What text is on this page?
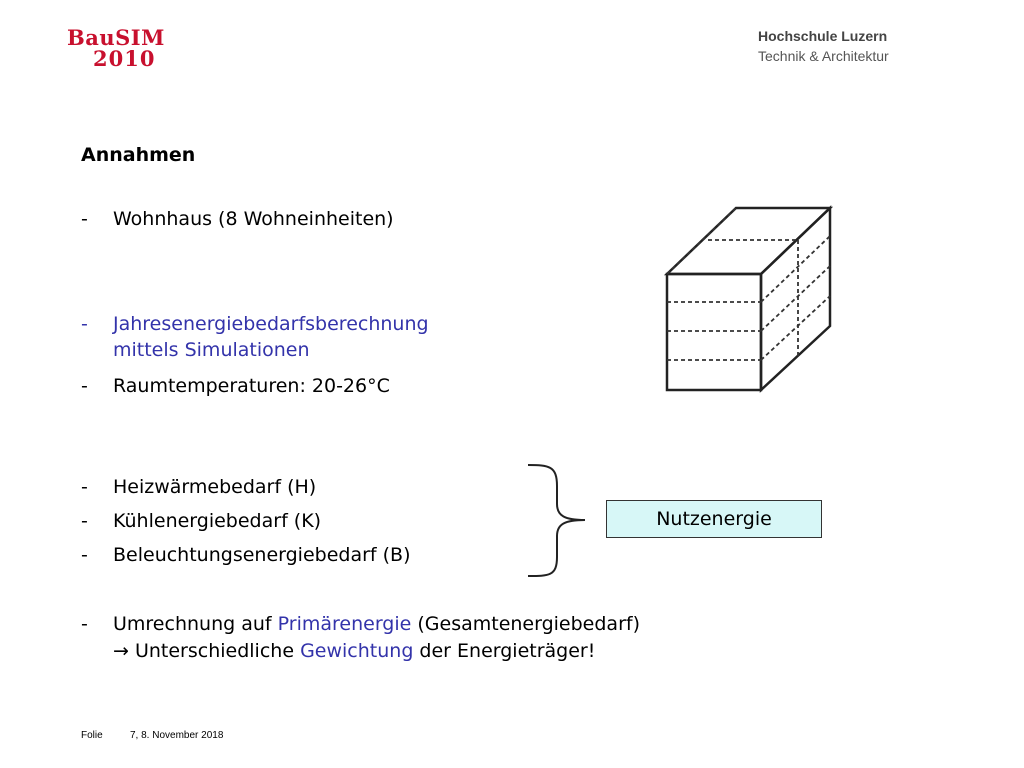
BauSIM
2010
Hochschule Luzern
Technik & Architektur
Annahmen
- Wohnhaus (8 Wohneinheiten)
- Jahresenergiebedarfsberechnung
mittels Simulationen
- Raumtemperaturen: 20-26°C
- Heizwärmebedarf (H)
- Kühlenergiebedarf (K)
- Beleuchtungsenergiebedarf (B)
- Umrechnung auf Primärenergie (Gesamtenergiebedarf)
→ Unterschiedliche Gewichtung der Energieträger!
Nutzenergie
Folie	7, 8. November 2018
